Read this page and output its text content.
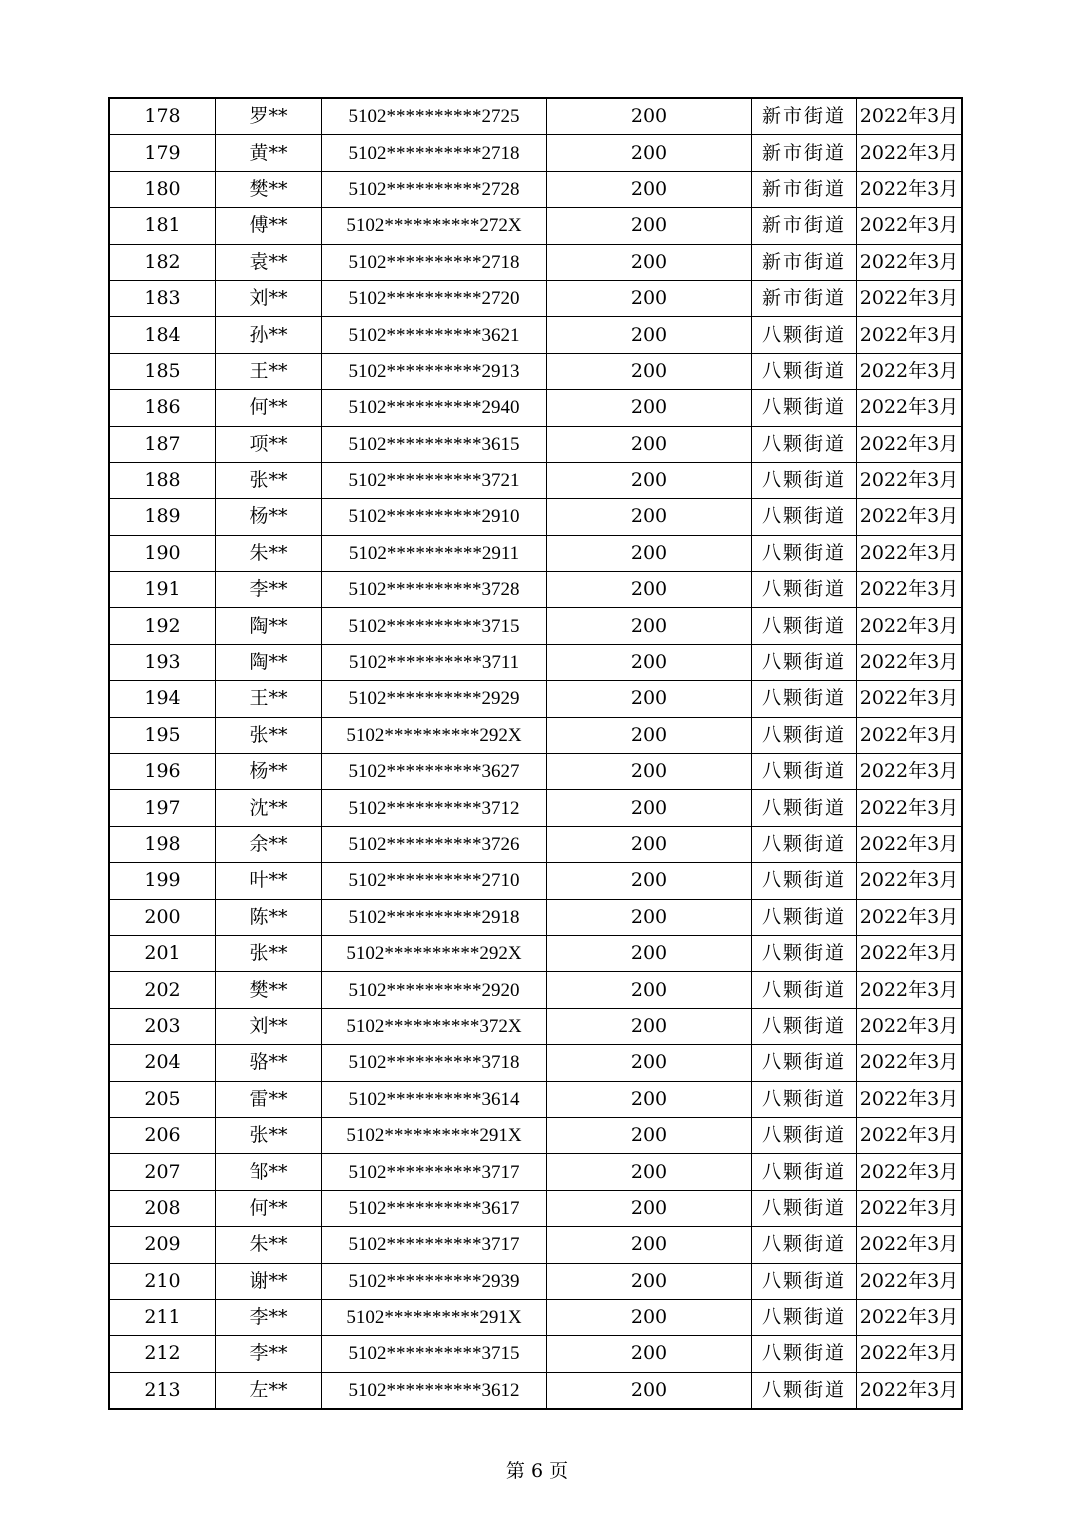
178	罗**	5102**********2725	200	新市街道	2022年3月
179	黄**	5102**********2718	200	新市街道	2022年3月
180	樊**	5102**********2728	200	新市街道	2022年3月
181	傅**	5102**********272X	200	新市街道	2022年3月
182	袁**	5102**********2718	200	新市街道	2022年3月
183	刘**	5102**********2720	200	新市街道	2022年3月
184	孙**	5102**********3621	200	八颗街道	2022年3月
185	王**	5102**********2913	200	八颗街道	2022年3月
186	何**	5102**********2940	200	八颗街道	2022年3月
187	项**	5102**********3615	200	八颗街道	2022年3月
188	张**	5102**********3721	200	八颗街道	2022年3月
189	杨**	5102**********2910	200	八颗街道	2022年3月
190	朱**	5102**********2911	200	八颗街道	2022年3月
191	李**	5102**********3728	200	八颗街道	2022年3月
192	陶**	5102**********3715	200	八颗街道	2022年3月
193	陶**	5102**********3711	200	八颗街道	2022年3月
194	王**	5102**********2929	200	八颗街道	2022年3月
195	张**	5102**********292X	200	八颗街道	2022年3月
196	杨**	5102**********3627	200	八颗街道	2022年3月
197	沈**	5102**********3712	200	八颗街道	2022年3月
198	余**	5102**********3726	200	八颗街道	2022年3月
199	叶**	5102**********2710	200	八颗街道	2022年3月
200	陈**	5102**********2918	200	八颗街道	2022年3月
201	张**	5102**********292X	200	八颗街道	2022年3月
202	樊**	5102**********2920	200	八颗街道	2022年3月
203	刘**	5102**********372X	200	八颗街道	2022年3月
204	骆**	5102**********3718	200	八颗街道	2022年3月
205	雷**	5102**********3614	200	八颗街道	2022年3月
206	张**	5102**********291X	200	八颗街道	2022年3月
207	邹**	5102**********3717	200	八颗街道	2022年3月
208	何**	5102**********3617	200	八颗街道	2022年3月
209	朱**	5102**********3717	200	八颗街道	2022年3月
210	谢**	5102**********2939	200	八颗街道	2022年3月
211	李**	5102**********291X	200	八颗街道	2022年3月
212	李**	5102**********3715	200	八颗街道	2022年3月
213	左**	5102**********3612	200	八颗街道	2022年3月
第 6 页
